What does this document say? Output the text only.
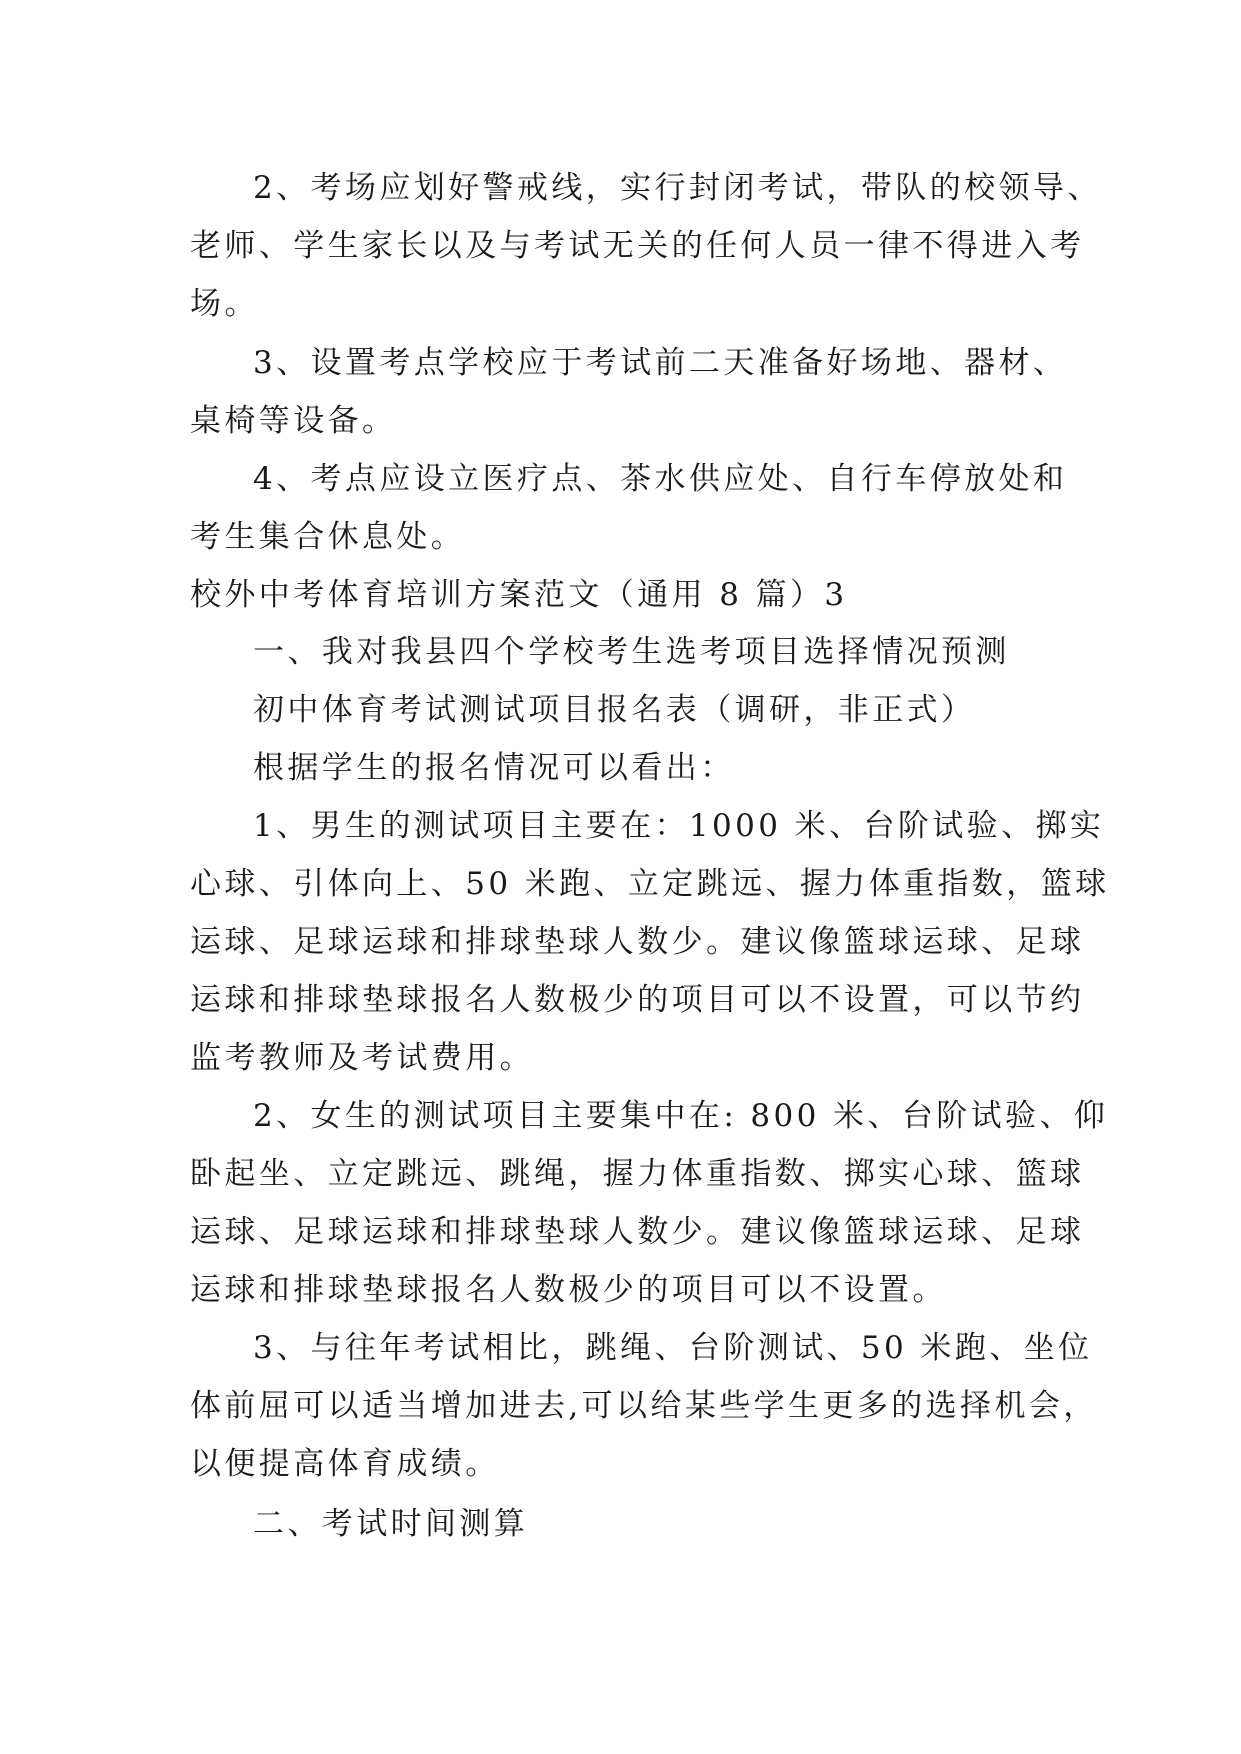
2、考场应划好警戒线，实行封闭考试，带队的校领导、
老师、学生家长以及与考试无关的任何人员一律不得进入考
场。
3、设置考点学校应于考试前二天准备好场地、器材、
桌椅等设备。
4、考点应设立医疗点、茶水供应处、自行车停放处和
考生集合休息处。
校外中考体育培训方案范文（通用 8 篇）3
一、我对我县四个学校考生选考项目选择情况预测
初中体育考试测试项目报名表（调研，非正式）
根据学生的报名情况可以看出：
1、男生的测试项目主要在：1000 米、台阶试验、掷实
心球、引体向上、50 米跑、立定跳远、握力体重指数，篮球
运球、足球运球和排球垫球人数少。建议像篮球运球、足球
运球和排球垫球报名人数极少的项目可以不设置，可以节约
监考教师及考试费用。
2、女生的测试项目主要集中在: 800 米、台阶试验、仰
卧起坐、立定跳远、跳绳，握力体重指数、掷实心球、篮球
运球、足球运球和排球垫球人数少。建议像篮球运球、足球
运球和排球垫球报名人数极少的项目可以不设置。
3、与往年考试相比，跳绳、台阶测试、50 米跑、坐位
体前屈可以适当增加进去,可以给某些学生更多的选择机会，
以便提高体育成绩。
二、考试时间测算
